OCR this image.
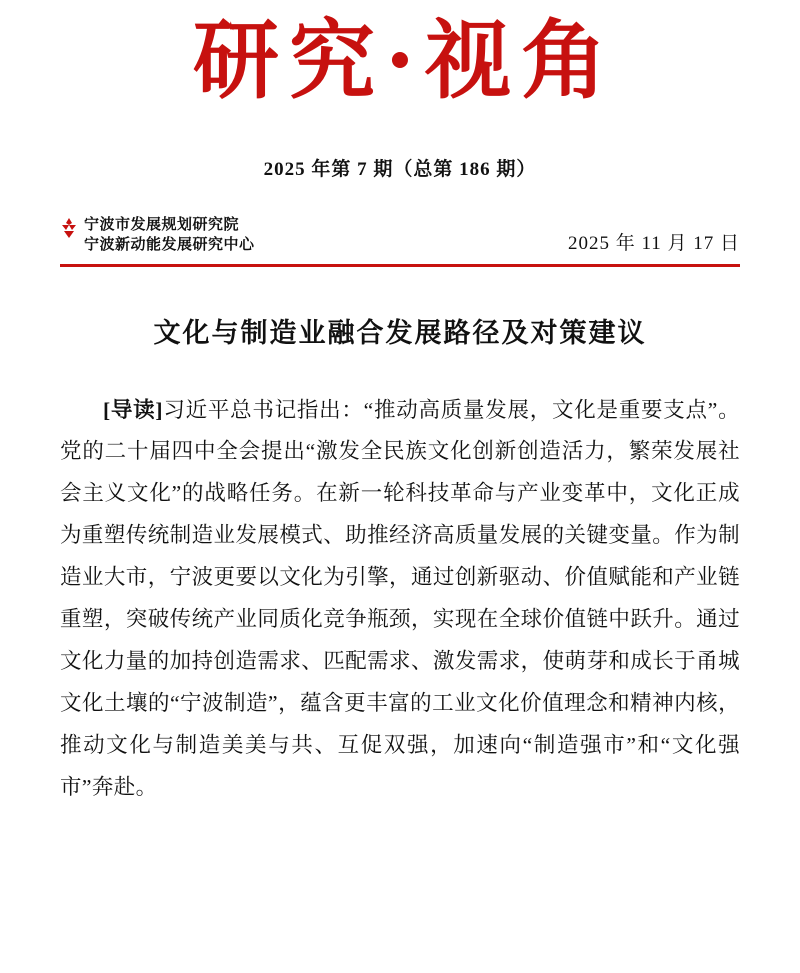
研究·视角
2025 年第 7 期（总第 186 期）
宁波市发展规划研究院
宁波新动能发展研究中心	2025 年 11 月 17 日
文化与制造业融合发展路径及对策建议

[导读]习近平总书记指出：“推动高质量发展，文化是重要支点”。党的二十届四中全会提出“激发全民族文化创新创造活力，繁荣发展社会主义文化”的战略任务。在新一轮科技革命与产业变革中，文化正成为重塑传统制造业发展模式、助推经济高质量发展的关键变量。作为制造业大市，宁波更要以文化为引擎，通过创新驱动、价值赋能和产业链重塑，突破传统产业同质化竞争瓶颈，实现在全球价值链中跃升。通过文化力量的加持创造需求、匹配需求、激发需求，使萌芽和成长于甬城文化土壤的“宁波制造”，蕴含更丰富的工业文化价值理念和精神内核，推动文化与制造美美与共、互促双强，加速向“制造强市”和“文化强市”奔赴。
